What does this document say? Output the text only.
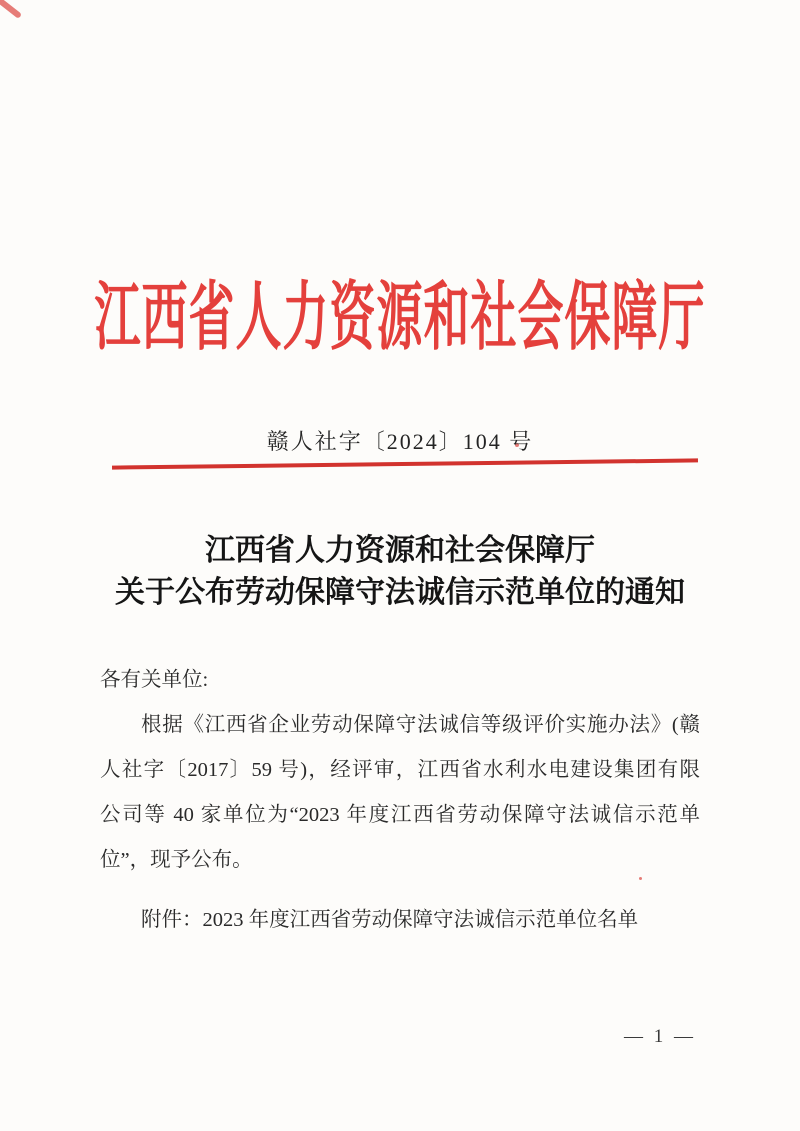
江西省人力资源和社会保障厅
赣人社字〔2024〕104 号
江西省人力资源和社会保障厅
关于公布劳动保障守法诚信示范单位的通知
各有关单位:
根据《江西省企业劳动保障守法诚信等级评价实施办法》(赣
人社字〔2017〕59 号)，经评审，江西省水利水电建设集团有限
公司等 40 家单位为“2023 年度江西省劳动保障守法诚信示范单
位”，现予公布。
附件：2023 年度江西省劳动保障守法诚信示范单位名单
— 1 —
